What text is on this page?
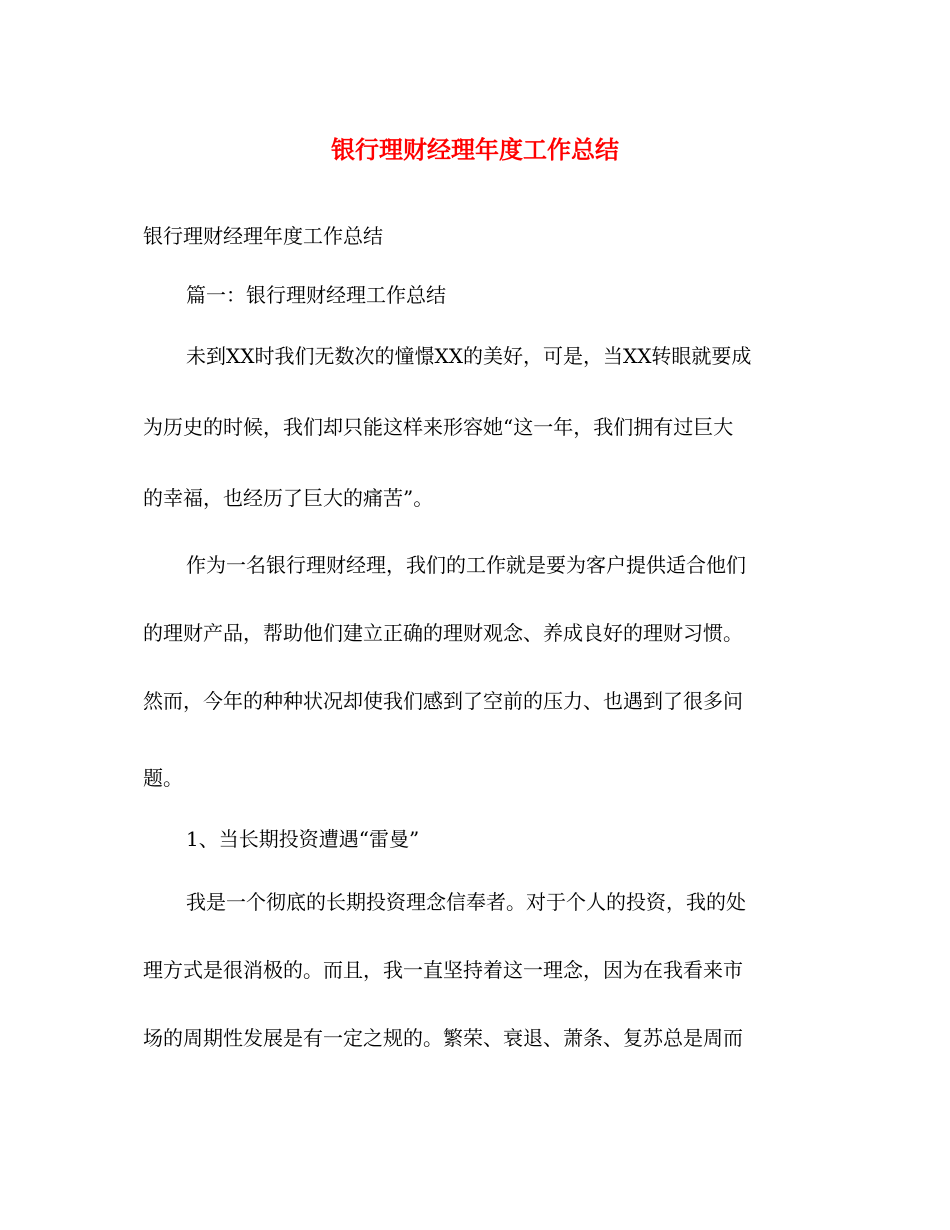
银行理财经理年度工作总结
银行理财经理年度工作总结
篇一：银行理财经理工作总结
未到XX时我们无数次的憧憬XX的美好，可是，当XX转眼就要成
为历史的时候，我们却只能这样来形容她“这一年，我们拥有过巨大
的幸福，也经历了巨大的痛苦”。
作为一名银行理财经理，我们的工作就是要为客户提供适合他们
的理财产品，帮助他们建立正确的理财观念、养成良好的理财习惯。
然而，今年的种种状况却使我们感到了空前的压力、也遇到了很多问
题。
1、当长期投资遭遇“雷曼”
我是一个彻底的长期投资理念信奉者。对于个人的投资，我的处
理方式是很消极的。而且，我一直坚持着这一理念，因为在我看来市
场的周期性发展是有一定之规的。繁荣、衰退、萧条、复苏总是周而
